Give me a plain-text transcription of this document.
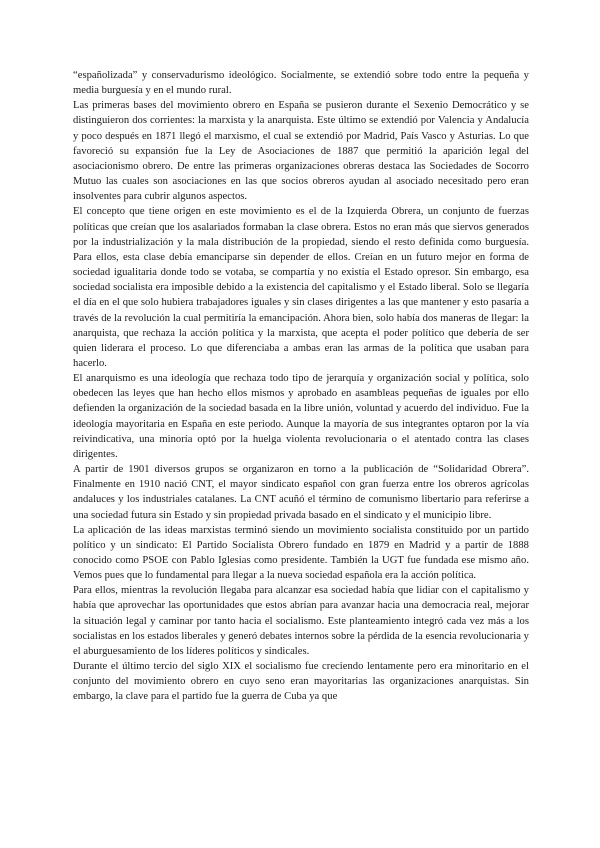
“españolizada” y conservadurismo ideológico. Socialmente, se extendió sobre todo entre la pequeña y media burguesía y en el mundo rural.

Las primeras bases del movimiento obrero en España se pusieron durante el Sexenio Democrático y se distinguieron dos corrientes: la marxista y la anarquista. Este último se extendió por Valencia y Andalucía y poco después en 1871 llegó el marxismo, el cual se extendió por Madrid, País Vasco y Asturias. Lo que favoreció su expansión fue la Ley de Asociaciones de 1887 que permitió la aparición legal del asociacionismo obrero. De entre las primeras organizaciones obreras destaca las Sociedades de Socorro Mutuo las cuales son asociaciones en las que socios obreros ayudan al asociado necesitado pero eran insolventes para cubrir algunos aspectos.

El concepto que tiene origen en este movimiento es el de la Izquierda Obrera, un conjunto de fuerzas políticas que creían que los asalariados formaban la clase obrera. Estos no eran más que siervos generados por la industrialización y la mala distribución de la propiedad, siendo el resto definida como burguesía. Para ellos, esta clase debía emanciparse sin depender de ellos. Creían en un futuro mejor en forma de sociedad igualitaria donde todo se votaba, se compartía y no existía el Estado opresor. Sin embargo, esa sociedad socialista era imposible debido a la existencia del capitalismo y el Estado liberal. Solo se llegaría el día en el que solo hubiera trabajadores iguales y sin clases dirigentes a las que mantener y esto pasaría a través de la revolución la cual permitiría la emancipación. Ahora bien, solo había dos maneras de llegar: la anarquista, que rechaza la acción política y la marxista, que acepta el poder político que debería de ser quien liderara el proceso. Lo que diferenciaba a ambas eran las armas de la política que usaban para hacerlo.

El anarquismo es una ideología que rechaza todo tipo de jerarquía y organización social y política, solo obedecen las leyes que han hecho ellos mismos y aprobado en asambleas pequeñas de iguales por ello defienden la organización de la sociedad basada en la libre unión, voluntad y acuerdo del individuo. Fue la ideología mayoritaria en España en este periodo. Aunque la mayoría de sus integrantes optaron por la vía reivindicativa, una minoría optó por la huelga violenta revolucionaria o el atentado contra las clases dirigentes.

A partir de 1901 diversos grupos se organizaron en torno a la publicación de “Solidaridad Obrera”. Finalmente en 1910 nació CNT, el mayor sindicato español con gran fuerza entre los obreros agrícolas andaluces y los industriales catalanes. La CNT acuñó el término de comunismo libertario para referirse a una sociedad futura sin Estado y sin propiedad privada basado en el sindicato y el municipio libre.

La aplicación de las ideas marxistas terminó siendo un movimiento socialista constituido por un partido político y un sindicato: El Partido Socialista Obrero fundado en 1879 en Madrid y a partir de 1888 conocido como PSOE con Pablo Iglesias como presidente. También la UGT fue fundada ese mismo año. Vemos pues que lo fundamental para llegar a la nueva sociedad española era la acción política.

Para ellos, mientras la revolución llegaba para alcanzar esa sociedad había que lidiar con el capitalismo y había que aprovechar las oportunidades que estos abrían para avanzar hacia una democracia real, mejorar la situación legal y caminar por tanto hacia el socialismo. Este planteamiento integró cada vez más a los socialistas en los estados liberales y generó debates internos sobre la pérdida de la esencia revolucionaria y el aburguesamiento de los líderes políticos y sindicales.

Durante el último tercio del siglo XIX el socialismo fue creciendo lentamente pero era minoritario en el conjunto del movimiento obrero en cuyo seno eran mayoritarias las organizaciones anarquistas. Sin embargo, la clave para el partido fue la guerra de Cuba ya que
